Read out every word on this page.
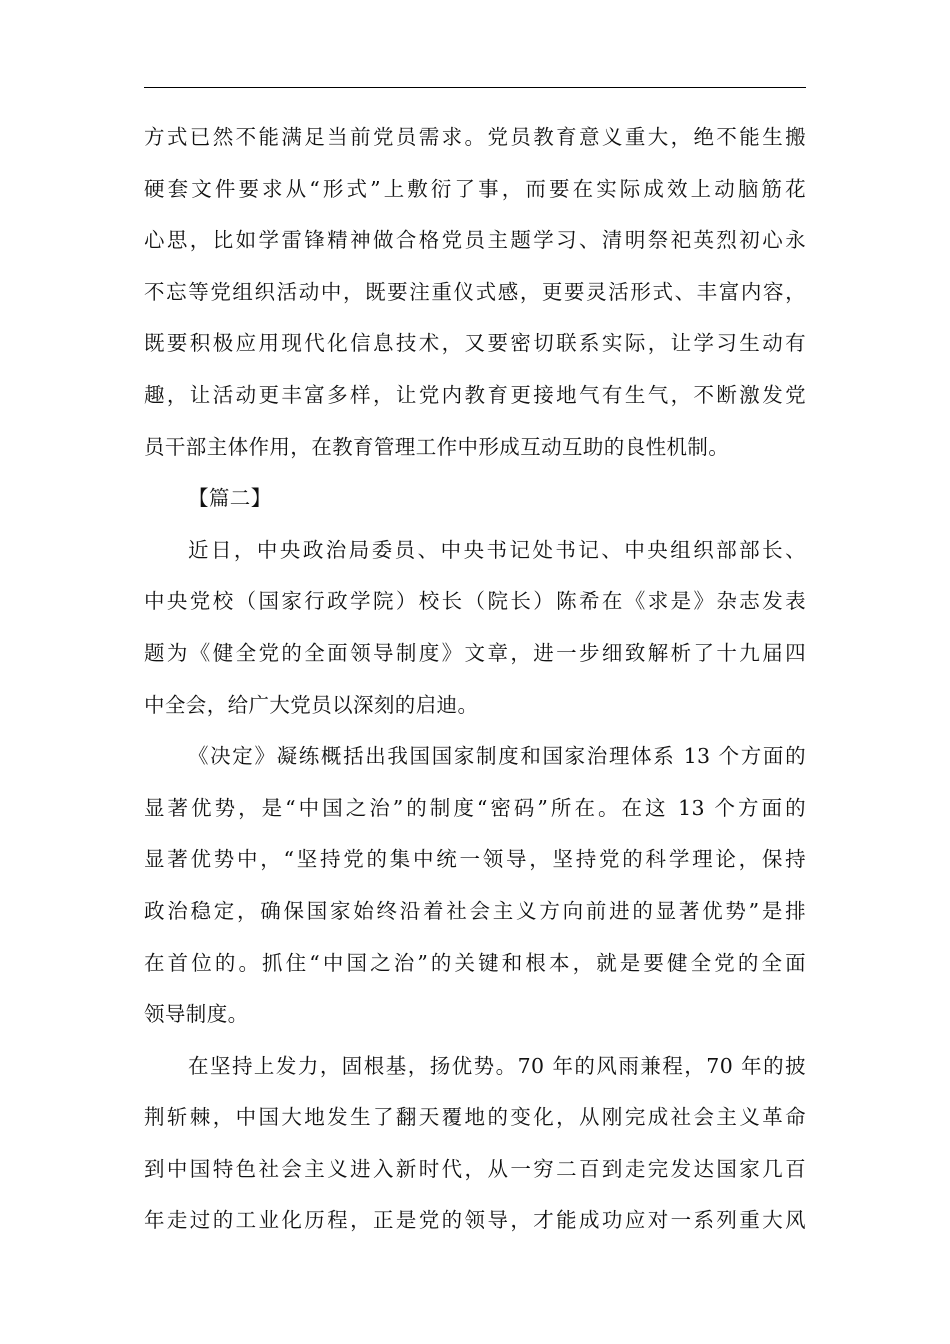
方式已然不能满足当前党员需求。党员教育意义重大，绝不能生搬
硬套文件要求从“形式”上敷衍了事，而要在实际成效上动脑筋花
心思，比如学雷锋精神做合格党员主题学习、清明祭祀英烈初心永
不忘等党组织活动中，既要注重仪式感，更要灵活形式、丰富内容，
既要积极应用现代化信息技术，又要密切联系实际，让学习生动有
趣，让活动更丰富多样，让党内教育更接地气有生气，不断激发党
员干部主体作用，在教育管理工作中形成互动互助的良性机制。
【篇二】
近日，中央政治局委员、中央书记处书记、中央组织部部长、
中央党校（国家行政学院）校长（院长）陈希在《求是》杂志发表
题为《健全党的全面领导制度》文章，进一步细致解析了十九届四
中全会，给广大党员以深刻的启迪。
《决定》凝练概括出我国国家制度和国家治理体系 13 个方面的
显著优势，是“中国之治”的制度“密码”所在。在这 13 个方面的
显著优势中，“坚持党的集中统一领导，坚持党的科学理论，保持
政治稳定，确保国家始终沿着社会主义方向前进的显著优势”是排
在首位的。抓住“中国之治”的关键和根本，就是要健全党的全面
领导制度。
在坚持上发力，固根基，扬优势。70 年的风雨兼程，70 年的披
荆斩棘，中国大地发生了翻天覆地的变化，从刚完成社会主义革命
到中国特色社会主义进入新时代，从一穷二百到走完发达国家几百
年走过的工业化历程，正是党的领导，才能成功应对一系列重大风
